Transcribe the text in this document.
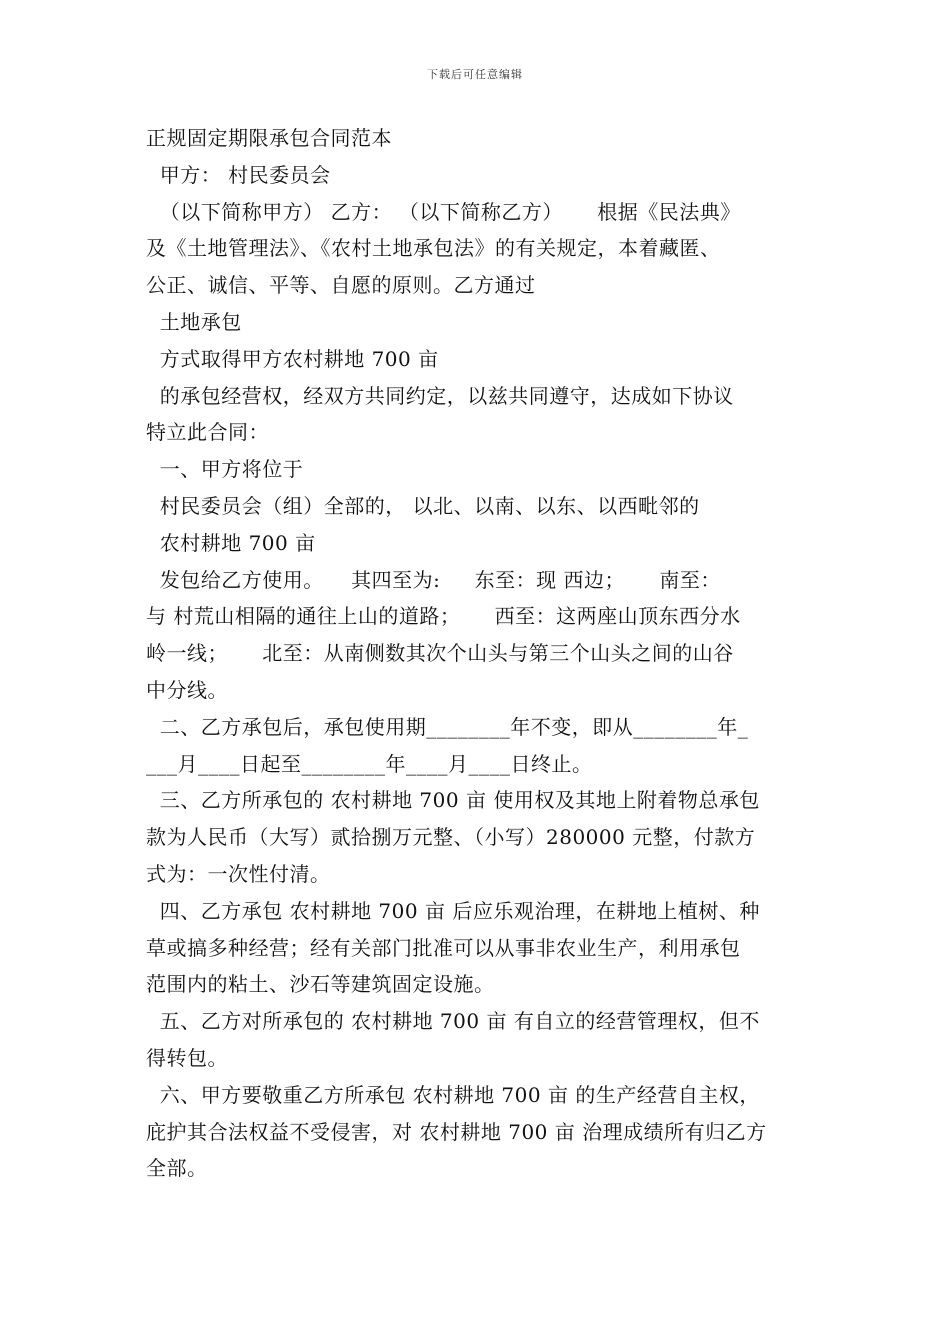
下载后可任意编辑
正规固定期限承包合同范本
甲方： 村民委员会
（以下简称甲方） 乙方： （以下简称乙方）     根据《民法典》
及《土地管理法》、《农村土地承包法》的有关规定，本着藏匿、
公正、诚信、平等、自愿的原则。乙方通过
土地承包
方式取得甲方农村耕地 700 亩
的承包经营权，经双方共同约定，以兹共同遵守，达成如下协议
特立此合同：
一、甲方将位于
村民委员会（组）全部的， 以北、以南、以东、以西毗邻的
农村耕地 700 亩
发包给乙方使用。    其四至为:     东至：现 西边；     南至：
与 村荒山相隔的通往上山的道路；     西至：这两座山顶东西分水
岭一线；     北至：从南侧数其次个山头与第三个山头之间的山谷
中分线。
二、乙方承包后，承包使用期________年不变，即从________年_
___月____日起至________年____月____日终止。
三、乙方所承包的 农村耕地 700 亩 使用权及其地上附着物总承包
款为人民币（大写）贰拾捌万元整、（小写）280000 元整，付款方
式为：一次性付清。
四、乙方承包 农村耕地 700 亩 后应乐观治理，在耕地上植树、种
草或搞多种经营；经有关部门批准可以从事非农业生产，利用承包
范围内的粘土、沙石等建筑固定设施。
五、乙方对所承包的 农村耕地 700 亩 有自立的经营管理权，但不
得转包。
六、甲方要敬重乙方所承包 农村耕地 700 亩 的生产经营自主权，
庇护其合法权益不受侵害，对 农村耕地 700 亩 治理成绩所有归乙方
全部。
